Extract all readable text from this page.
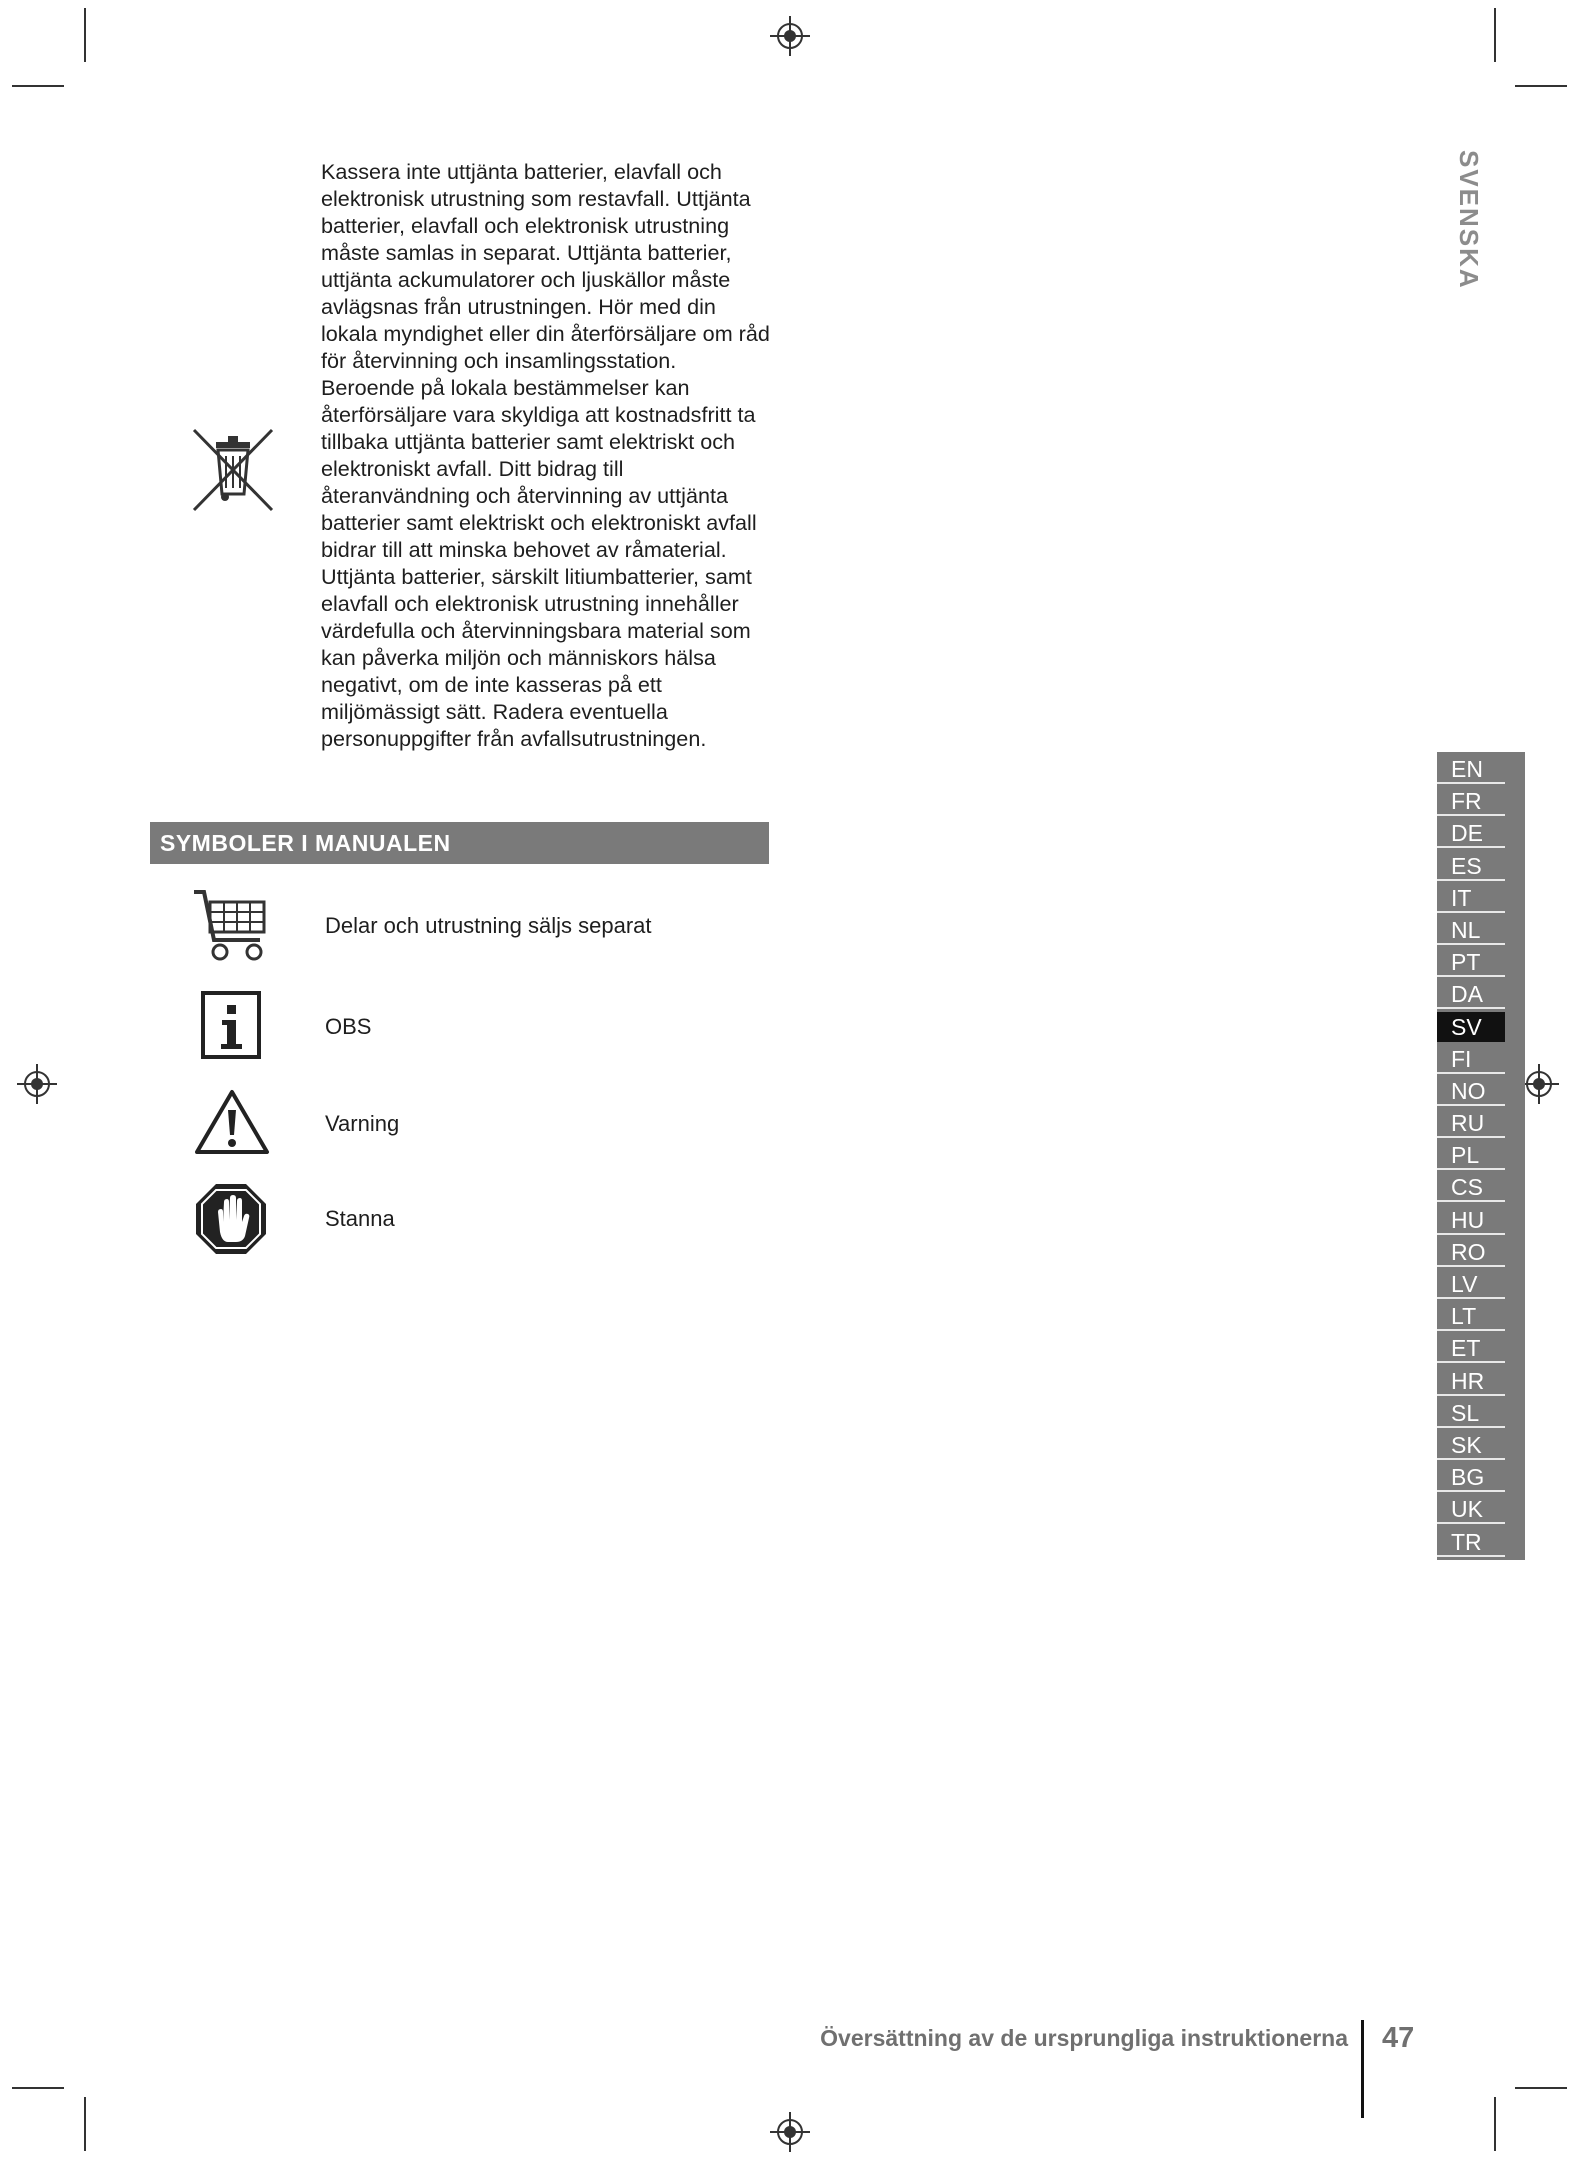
Kassera inte uttjänta batterier, elavfall och elektronisk utrustning som restavfall. Uttjänta batterier, elavfall och elektronisk utrustning måste samlas in separat. Uttjänta batterier, uttjänta ackumulatorer och ljuskällor måste avlägsnas från utrustningen. Hör med din lokala myndighet eller din återförsäljare om råd för återvinning och insamlingsstation. Beroende på lokala bestämmelser kan återförsäljare vara skyldiga att kostnadsfritt ta tillbaka uttjänta batterier samt elektriskt och elektroniskt avfall. Ditt bidrag till återanvändning och återvinning av uttjänta batterier samt elektriskt och elektroniskt avfall bidrar till att minska behovet av råmaterial. Uttjänta batterier, särskilt litiumbatterier, samt elavfall och elektronisk utrustning innehåller värdefulla och återvinningsbara material som kan påverka miljön och människors hälsa negativt, om de inte kasseras på ett miljömässigt sätt. Radera eventuella personuppgifter från avfallsutrustningen.

SYMBOLER I MANUALEN
Delar och utrustning säljs separat
OBS
Varning
Stanna
SVENSKA
EN
FR
DE
ES
IT
NL
PT
DA
SV
FI
NO
RU
PL
CS
HU
RO
LV
LT
ET
HR
SL
SK
BG
UK
TR
Översättning av de ursprungliga instruktionerna 47
